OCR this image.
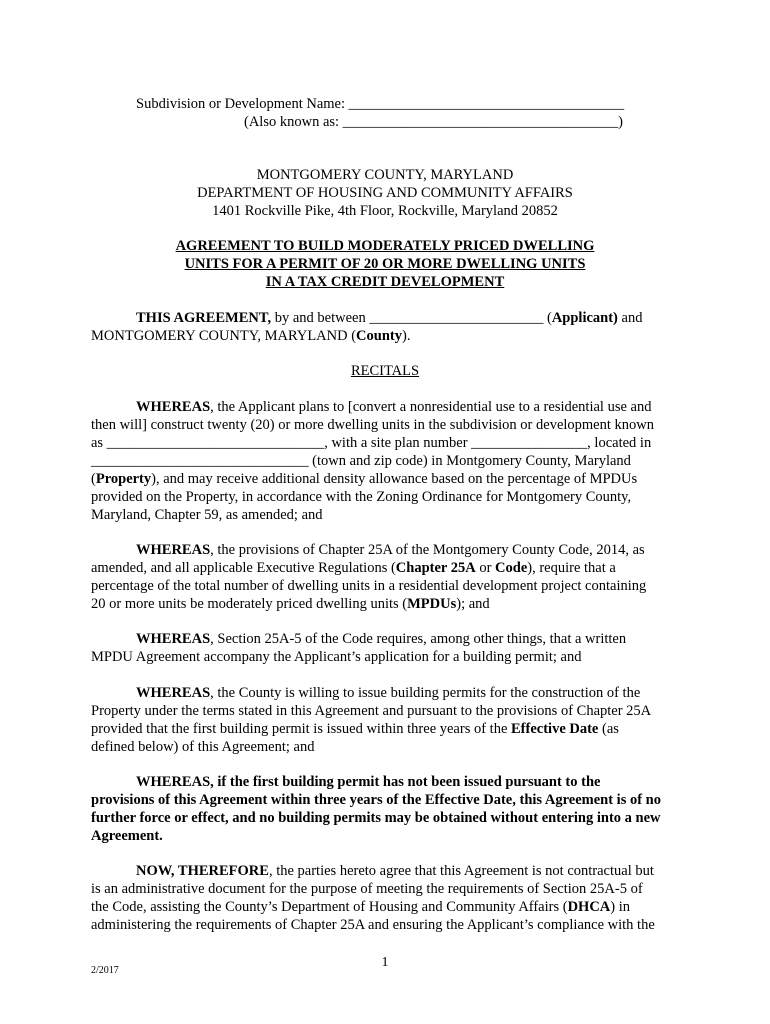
Subdivision or Development Name: ______________________________________
(Also known as: ______________________________________)
MONTGOMERY COUNTY, MARYLAND
DEPARTMENT OF HOUSING AND COMMUNITY AFFAIRS
1401 Rockville Pike, 4th Floor, Rockville, Maryland 20852
AGREEMENT TO BUILD MODERATELY PRICED DWELLING
UNITS FOR A PERMIT OF 20 OR MORE DWELLING UNITS
IN A TAX CREDIT DEVELOPMENT
THIS AGREEMENT, by and between ________________________ (Applicant) and
MONTGOMERY COUNTY, MARYLAND (County).
RECITALS
WHEREAS, the Applicant plans to [convert a nonresidential use to a residential use and
then will] construct twenty (20) or more dwelling units in the subdivision or development known
as ______________________________, with a site plan number ________________, located in
______________________________ (town and zip code) in Montgomery County, Maryland
(Property), and may receive additional density allowance based on the percentage of MPDUs
provided on the Property, in accordance with the Zoning Ordinance for Montgomery County,
Maryland, Chapter 59, as amended; and
WHEREAS, the provisions of Chapter 25A of the Montgomery County Code, 2014, as
amended, and all applicable Executive Regulations (Chapter 25A or Code), require that a
percentage of the total number of dwelling units in a residential development project containing
20 or more units be moderately priced dwelling units (MPDUs); and
WHEREAS, Section 25A-5 of the Code requires, among other things, that a written
MPDU Agreement accompany the Applicant’s application for a building permit; and
WHEREAS, the County is willing to issue building permits for the construction of the
Property under the terms stated in this Agreement and pursuant to the provisions of Chapter 25A
provided that the first building permit is issued within three years of the Effective Date (as
defined below) of this Agreement; and
WHEREAS, if the first building permit has not been issued pursuant to the
provisions of this Agreement within three years of the Effective Date, this Agreement is of no
further force or effect, and no building permits may be obtained without entering into a new
Agreement.
NOW, THEREFORE, the parties hereto agree that this Agreement is not contractual but
is an administrative document for the purpose of meeting the requirements of Section 25A-5 of
the Code, assisting the County’s Department of Housing and Community Affairs (DHCA) in
administering the requirements of Chapter 25A and ensuring the Applicant’s compliance with the
1
2/2017
